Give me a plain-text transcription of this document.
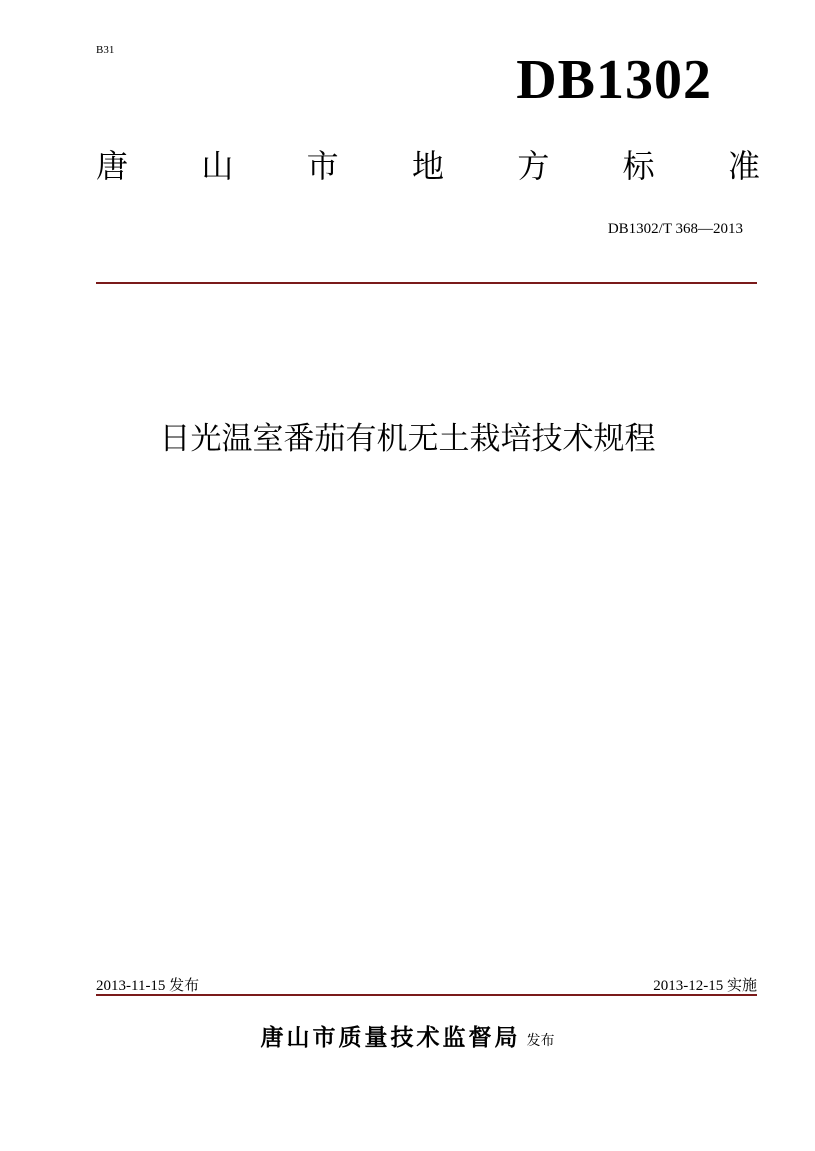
B31	DB1302
唐 山 市 地 方 标 准
DB1302/T 368—2013
日光温室番茄有机无土栽培技术规程
2013-11-15 发布	2013-12-15 实施
唐山市质量技术监督局 发布
